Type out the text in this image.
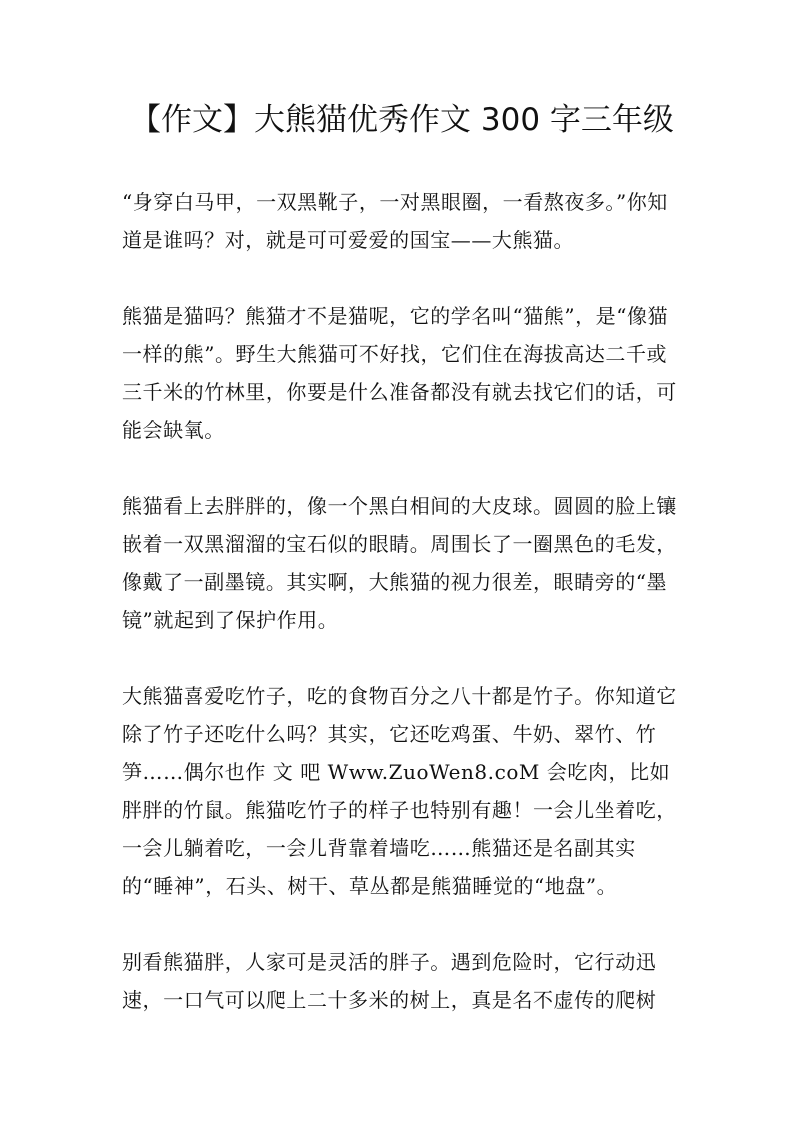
【作文】大熊猫优秀作文 300 字三年级

“身穿白马甲，一双黑靴子，一对黑眼圈，一看熬夜多。”你知道是谁吗？对，就是可可爱爱的国宝——大熊猫。

熊猫是猫吗？熊猫才不是猫呢，它的学名叫“猫熊”，是“像猫一样的熊”。野生大熊猫可不好找，它们住在海拔高达二千或三千米的竹林里，你要是什么准备都没有就去找它们的话，可能会缺氧。

熊猫看上去胖胖的，像一个黑白相间的大皮球。圆圆的脸上镶嵌着一双黑溜溜的宝石似的眼睛。周围长了一圈黑色的毛发，像戴了一副墨镜。其实啊，大熊猫的视力很差，眼睛旁的“墨镜”就起到了保护作用。

大熊猫喜爱吃竹子，吃的食物百分之八十都是竹子。你知道它除了竹子还吃什么吗？其实，它还吃鸡蛋、牛奶、翠竹、竹笋……偶尔也作 文 吧 Www.ZuoWen8.coM 会吃肉，比如胖胖的竹鼠。熊猫吃竹子的样子也特别有趣！一会儿坐着吃，一会儿躺着吃，一会儿背靠着墙吃……熊猫还是名副其实的“睡神”，石头、树干、草丛都是熊猫睡觉的“地盘”。

别看熊猫胖，人家可是灵活的胖子。遇到危险时，它行动迅速，一口气可以爬上二十多米的树上，真是名不虚传的爬树
